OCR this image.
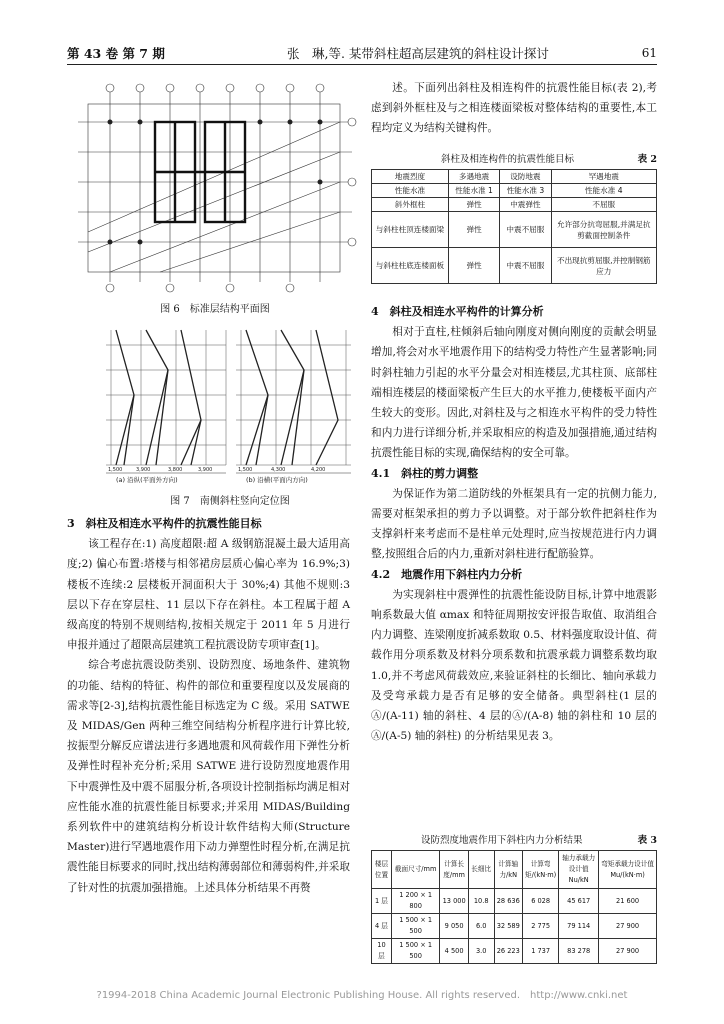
第 43 卷 第 7 期	张　琳,等. 某带斜柱超高层建筑的斜柱设计探讨	61
图 6　标准层结构平面图
1,500	3,900	3,800	3,900	1,500	4,300	4,200
(a) 沿纵(平面外方向)	(b) 沿横(平面内方向)
图 7　南侧斜柱竖向定位图

3　斜柱及相连水平构件的抗震性能目标

该工程存在:1) 高度超限:超 A 级钢筋混凝土最大适用高度;2) 偏心布置:塔楼与相邻裙房层质心偏心率为 16.9%;3) 楼板不连续:2 层楼板开洞面积大于 30%;4) 其他不规则:3 层以下存在穿层柱、11 层以下存在斜柱。本工程属于超 A 级高度的特别不规则结构,按相关规定于 2011 年 5 月进行申报并通过了超限高层建筑工程抗震设防专项审查[1]。

综合考虑抗震设防类别、设防烈度、场地条件、建筑物的功能、结构的特征、构件的部位和重要程度以及发展商的需求等[2-3],结构抗震性能目标选定为 C 级。采用 SATWE 及 MIDAS/Gen 两种三维空间结构分析程序进行计算比较,按振型分解反应谱法进行多遇地震和风荷载作用下弹性分析及弹性时程补充分析;采用 SATWE 进行设防烈度地震作用下中震弹性及中震不屈服分析,各项设计控制指标均满足相对应性能水准的抗震性能目标要求;并采用 MIDAS/Building 系列软件中的建筑结构分析设计软件结构大师(Structure Master)进行罕遇地震作用下动力弹塑性时程分析,在满足抗震性能目标要求的同时,找出结构薄弱部位和薄弱构件,并采取了针对性的抗震加强措施。上述具体分析结果不再赘

述。下面列出斜柱及相连构件的抗震性能目标(表 2),考虑到斜外框柱及与之相连楼面梁板对整体结构的重要性,本工程均定义为结构关键构件。

斜柱及相连构件的抗震性能目标	表 2
地震烈度	多遇地震	设防地震	罕遇地震
性能水准	性能水准 1	性能水准 3	性能水准 4
斜外框柱	弹性	中震弹性	不屈服
与斜柱柱顶连楼面梁	弹性	中震不屈服	允许部分抗弯屈服,并满足抗剪截面控制条件
与斜柱柱底连楼面板	弹性	中震不屈服	不出现抗剪屈服,并控制钢筋应力

4　斜柱及相连水平构件的计算分析

相对于直柱,柱倾斜后轴向刚度对侧向刚度的贡献会明显增加,将会对水平地震作用下的结构受力特性产生显著影响;同时斜柱轴力引起的水平分量会对相连楼层,尤其柱顶、底部柱端相连楼层的楼面梁板产生巨大的水平推力,使楼板平面内产生较大的变形。因此,对斜柱及与之相连水平构件的受力特性和内力进行详细分析,并采取相应的构造及加强措施,通过结构抗震性能目标的实现,确保结构的安全可靠。

4.1　斜柱的剪力调整

为保证作为第二道防线的外框架具有一定的抗侧力能力,需要对框架承担的剪力予以调整。对于部分软件把斜柱作为支撑斜杆来考虑而不是柱单元处理时,应当按规范进行内力调整,按照组合后的内力,重新对斜柱进行配筋验算。

4.2　地震作用下斜柱内力分析

为实现斜柱中震弹性的抗震性能设防目标,计算中地震影响系数最大值 αmax 和特征周期按安评报告取值、取消组合内力调整、连梁刚度折减系数取 0.5、材料强度取设计值、荷载作用分项系数及材料分项系数和抗震承载力调整系数均取 1.0,并不考虑风荷载效应,来验证斜柱的长细比、轴向承载力及受弯承载力是否有足够的安全储备。典型斜柱(1 层的Ⓐ/(A-11) 轴的斜柱、4 层的Ⓐ/(A-8) 轴的斜柱和 10 层的Ⓐ/(A-5) 轴的斜柱) 的分析结果见表 3。

设防烈度地震作用下斜柱内力分析结果	表 3
楼层位置	截面尺寸/mm	计算长度/mm	长细比	计算轴力/kN	计算弯矩/(kN·m)	轴力承载力设计值 Nu/kN	弯矩承载力设计值 Mu/(kN·m)
1 层	1 200 × 1 800	13 000	10.8	28 636	6 028	45 617	21 600
4 层	1 500 × 1 500	9 050	6.0	32 589	2 775	79 114	27 900
10 层	1 500 × 1 500	4 500	3.0	26 223	1 737	83 278	27 900
?1994-2018 China Academic Journal Electronic Publishing House. All rights reserved.　http://www.cnki.net
